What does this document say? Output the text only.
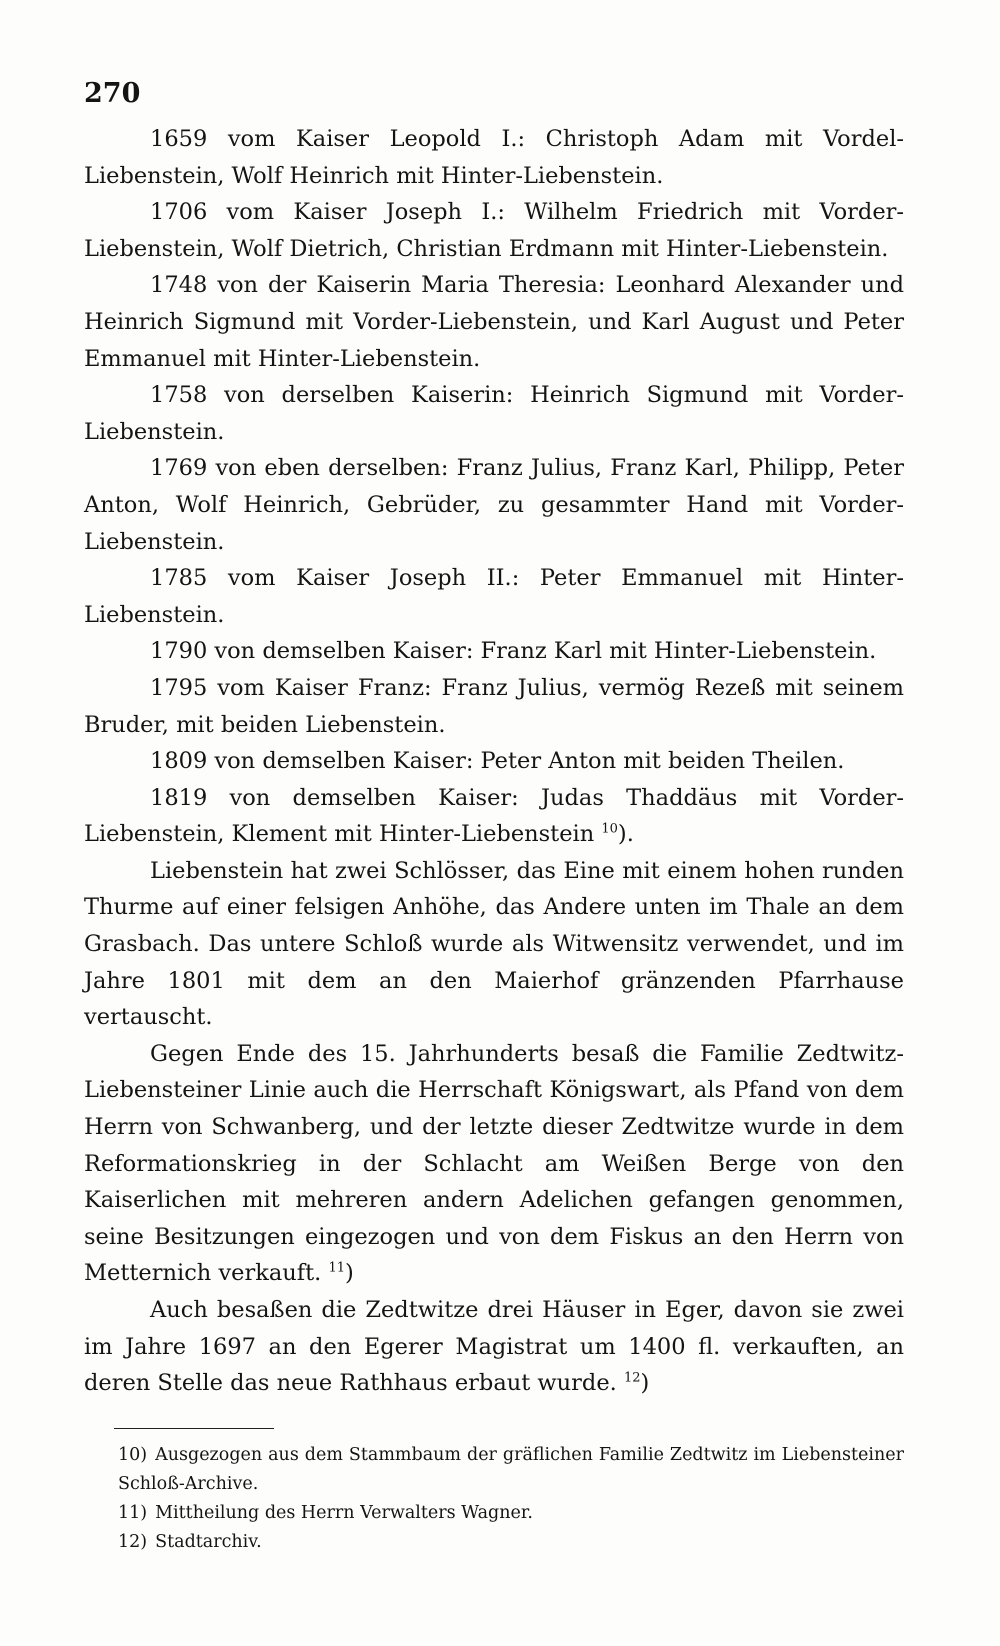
270

1659 vom Kaiser Leopold I.: Christoph Adam mit Vordel-Liebenstein, Wolf Heinrich mit Hinter-Liebenstein.

1706 vom Kaiser Joseph I.: Wilhelm Friedrich mit Vorder-Liebenstein, Wolf Dietrich, Christian Erdmann mit Hinter-Liebenstein.

1748 von der Kaiserin Maria Theresia: Leonhard Alexander und Heinrich Sigmund mit Vorder-Liebenstein, und Karl August und Peter Emmanuel mit Hinter-Liebenstein.

1758 von derselben Kaiserin: Heinrich Sigmund mit Vorder-Liebenstein.

1769 von eben derselben: Franz Julius, Franz Karl, Philipp, Peter Anton, Wolf Heinrich, Gebrüder, zu gesammter Hand mit Vorder-Liebenstein.

1785 vom Kaiser Joseph II.: Peter Emmanuel mit Hinter-Liebenstein.

1790 von demselben Kaiser: Franz Karl mit Hinter-Liebenstein.

1795 vom Kaiser Franz: Franz Julius, vermög Rezeß mit seinem Bruder, mit beiden Liebenstein.

1809 von demselben Kaiser: Peter Anton mit beiden Theilen.

1819 von demselben Kaiser: Judas Thaddäus mit Vorder-Liebenstein, Klement mit Hinter-Liebenstein $^{10}$).

Liebenstein hat zwei Schlösser, das Eine mit einem hohen runden Thurme auf einer felsigen Anhöhe, das Andere unten im Thale an dem Grasbach. Das untere Schloß wurde als Witwensitz verwendet, und im Jahre 1801 mit dem an den Maierhof gränzenden Pfarrhause vertauscht.

Gegen Ende des 15. Jahrhunderts besaß die Familie Zedtwitz-Liebensteiner Linie auch die Herrschaft Königswart, als Pfand von dem Herrn von Schwanberg, und der letzte dieser Zedtwitze wurde in dem Reformationskrieg in der Schlacht am Weißen Berge von den Kaiserlichen mit mehreren andern Adelichen gefangen genommen, seine Besitzungen eingezogen und von dem Fiskus an den Herrn von Metternich verkauft. $^{11}$)

Auch besaßen die Zedtwitze drei Häuser in Eger, davon sie zwei im Jahre 1697 an den Egerer Magistrat um 1400 fl. verkauften, an deren Stelle das neue Rathhaus erbaut wurde. $^{12}$)

10) Ausgezogen aus dem Stammbaum der gräflichen Familie Zedtwitz im Liebensteiner Schloß-Archive.

11) Mittheilung des Herrn Verwalters Wagner.

12) Stadtarchiv.
